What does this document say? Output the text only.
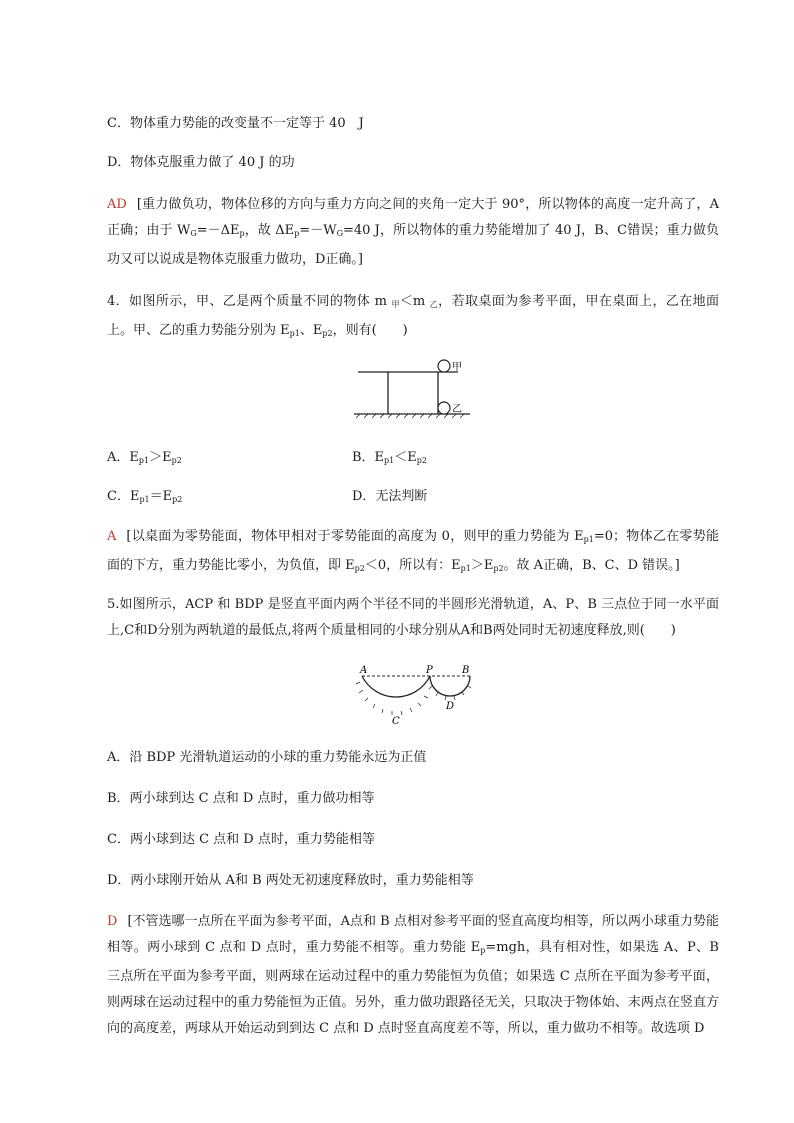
C．物体重力势能的改变量不一定等于 40　J
D．物体克服重力做了 40 J 的功
AD [重力做负功，物体位移的方向与重力方向之间的夹角一定大于 90°，所以物体的高度一定升高了，A正确；由于 $W_G=-\Delta E_p$，故 $\Delta E_p=-W_G=40$ J，所以物体的重力势能增加了 40 J，B、C错误；重力做负功又可以说成是物体克服重力做功，D正确。]
4．如图所示，甲、乙是两个质量不同的物体 m $_甲$＜m $_乙$，若取桌面为参考平面，甲在桌面上，乙在地面上。甲、乙的重力势能分别为 $E_{p1}$、$E_{p2}$，则有(　　)
甲
乙
A．$E_{p1}>E_{p2}$	B．$E_{p1}<E_{p2}$
C．$E_{p1}=E_{p2}$	D．无法判断
A [以桌面为零势能面，物体甲相对于零势能面的高度为 0，则甲的重力势能为 $E_{p1}=0$；物体乙在零势能面的下方，重力势能比零小，为负值，即 $E_{p2}<0$，所以有：$E_{p1}>E_{p2}$。故 A正确，B、C、D 错误。]
5.如图所示，ACP 和 BDP 是竖直平面内两个半径不同的半圆形光滑轨道，A、P、B 三点位于同一水平面上,C和D分别为两轨道的最低点,将两个质量相同的小球分别从A和B两处同时无初速度释放,则(　　)
A	P	B
C
D
A．沿 BDP 光滑轨道运动的小球的重力势能永远为正值
B．两小球到达 C 点和 D 点时，重力做功相等
C．两小球到达 C 点和 D 点时，重力势能相等
D．两小球刚开始从 A和 B 两处无初速度释放时，重力势能相等
D [不管选哪一点所在平面为参考平面，A点和 B 点相对参考平面的竖直高度均相等，所以两小球重力势能相等。两小球到 C 点和 D 点时，重力势能不相等。重力势能 $E_p=mgh$，具有相对性，如果选 A、P、B 三点所在平面为参考平面，则两球在运动过程中的重力势能恒为负值；如果选 C 点所在平面为参考平面，则两球在运动过程中的重力势能恒为正值。另外，重力做功跟路径无关，只取决于物体始、末两点在竖直方向的高度差，两球从开始运动到到达 C 点和 D 点时竖直高度差不等，所以，重力做功不相等。故选项 D
